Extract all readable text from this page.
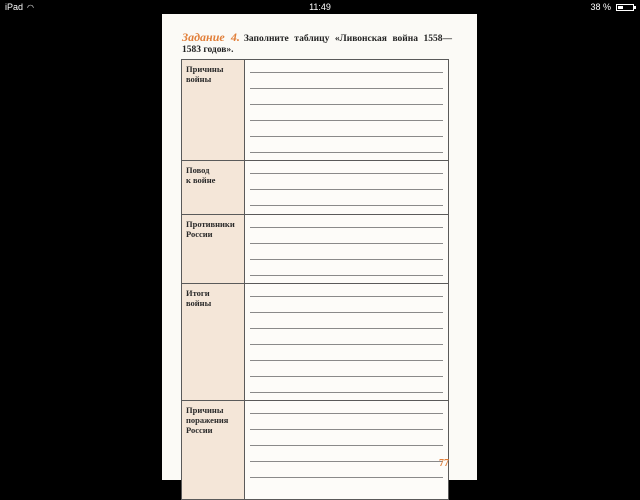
iPad ◠	11:49	38 %
Задание 4. Заполните таблицу «Ливонская война 1558—1583 годов».
Причины
войны	

Повод
к войне	

Противники
России	

Итоги
войны	

Причины
поражения
России	

77
